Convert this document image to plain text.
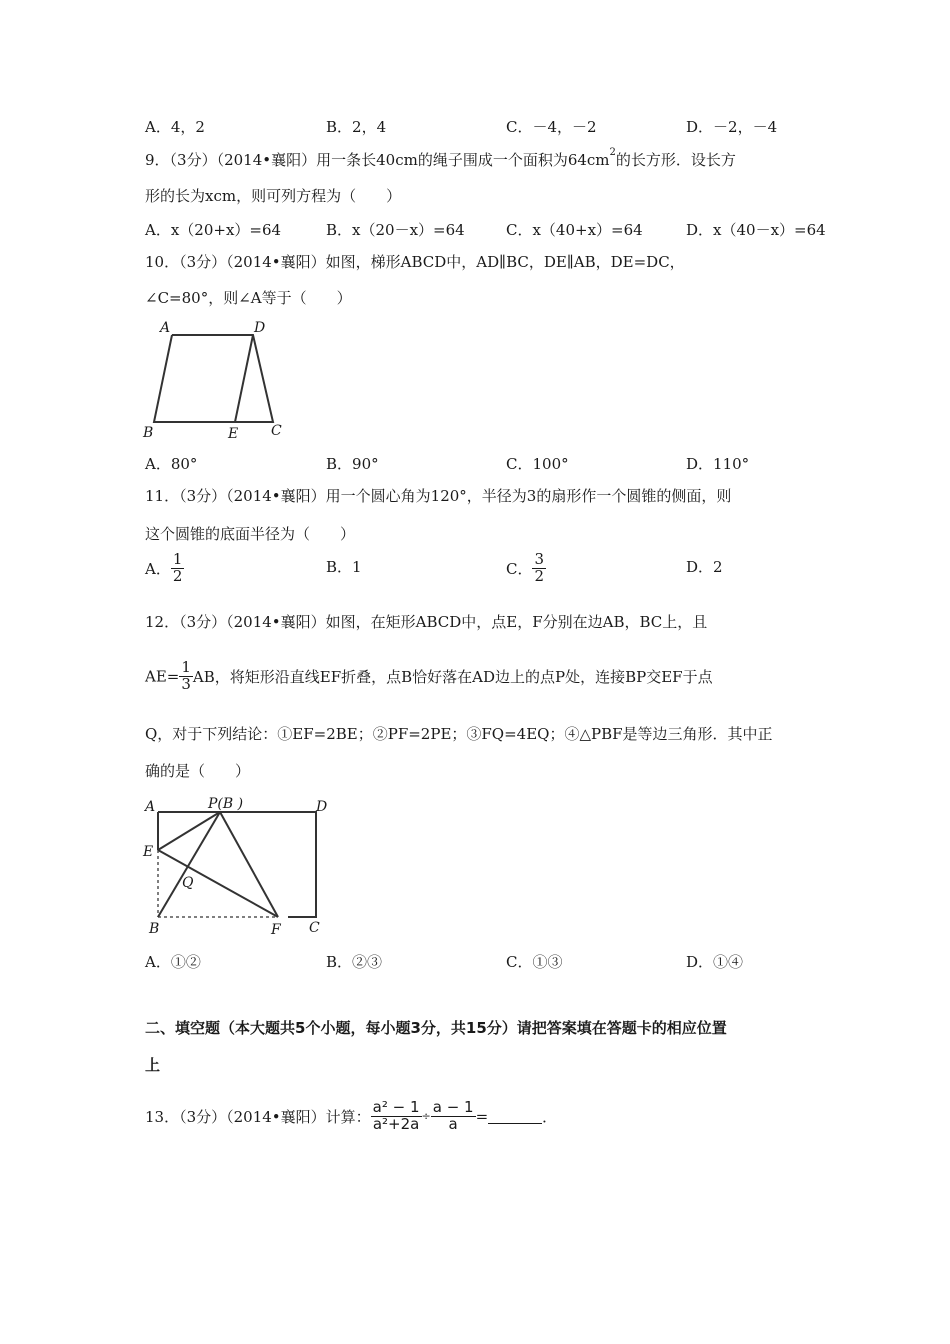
A．4，2	B．2，4	C．－4，－2	D．－2，－4
9．（3分）（2014•襄阳）用一条长40cm的绳子围成一个面积为$64cm^2$的长方形．设长方
形的长为xcm，则可列方程为（　　）
A．x（20+x）=64	B．x（20－x）=64	C．x（40+x）=64	D．x（40－x）=64
10．（3分）（2014•襄阳）如图，梯形ABCD中，AD∥BC，DE∥AB，DE=DC，
∠C=80°，则∠A等于（　　）
A	D
B	E C
A．80°	B．90°	C．100°	D．110°
11．（3分）（2014•襄阳）用一个圆心角为120°，半径为3的扇形作一个圆锥的侧面，则
这个圆锥的底面半径为（　　）
A． $\frac{1}{2}$	B．1	C． $\frac{3}{2}$	D．2
12．（3分）（2014•襄阳）如图，在矩形ABCD中，点E，F分别在边AB，BC上，且
$AE= \frac{1}{3}$ AB，将矩形沿直线EF折叠，点B恰好落在AD边上的点P处，连接BP交EF于点
Q，对于下列结论：①EF=2BE；②PF=2PE；③FQ=4EQ；④△PBF是等边三角形．其中正
确的是（　　）
A	P(B )	D
E
Q
B	F C
A．①②	B．②③	C．①③	D．①④
二、填空题（本大题共5个小题，每小题3分，共15分）请把答案填在答题卡的相应位置
上
13．（3分）（2014•襄阳）计算： $\frac{\text{a² − 1}}{\text{a²+2a}} \div \frac{a - 1}{a}$ =	．
